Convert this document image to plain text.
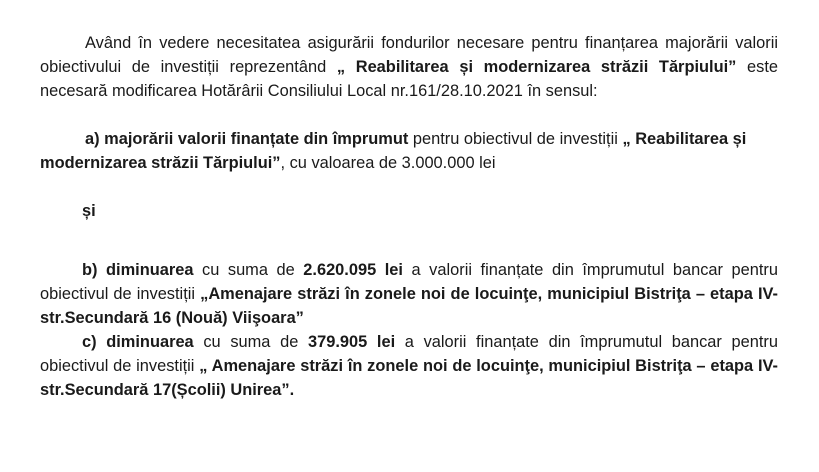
Având în vedere necesitatea asigurării fondurilor necesare pentru finanțarea majorării valorii obiectivului de investiții reprezentând „ Reabilitarea și modernizarea străzii Tărpiului” este necesară modificarea Hotărârii Consiliului Local nr.161/28.10.2021 în sensul:

a) majorării valorii finanțate din împrumut pentru obiectivul de investiții „ Reabilitarea și modernizarea străzii Tărpiului”, cu valoarea de 3.000.000 lei

și

b) diminuarea cu suma de 2.620.095 lei a valorii finanțate din împrumutul bancar pentru obiectivul de investiții „Amenajare străzi în zonele noi de locuinţe, municipiul Bistriţa – etapa IV-str.Secundară 16 (Nouă) Viişoara”

c) diminuarea cu suma de 379.905 lei a valorii finanțate din împrumutul bancar pentru obiectivul de investiții „ Amenajare străzi în zonele noi de locuinţe, municipiul Bistriţa – etapa IV-str.Secundară 17(Școlii) Unirea”.
